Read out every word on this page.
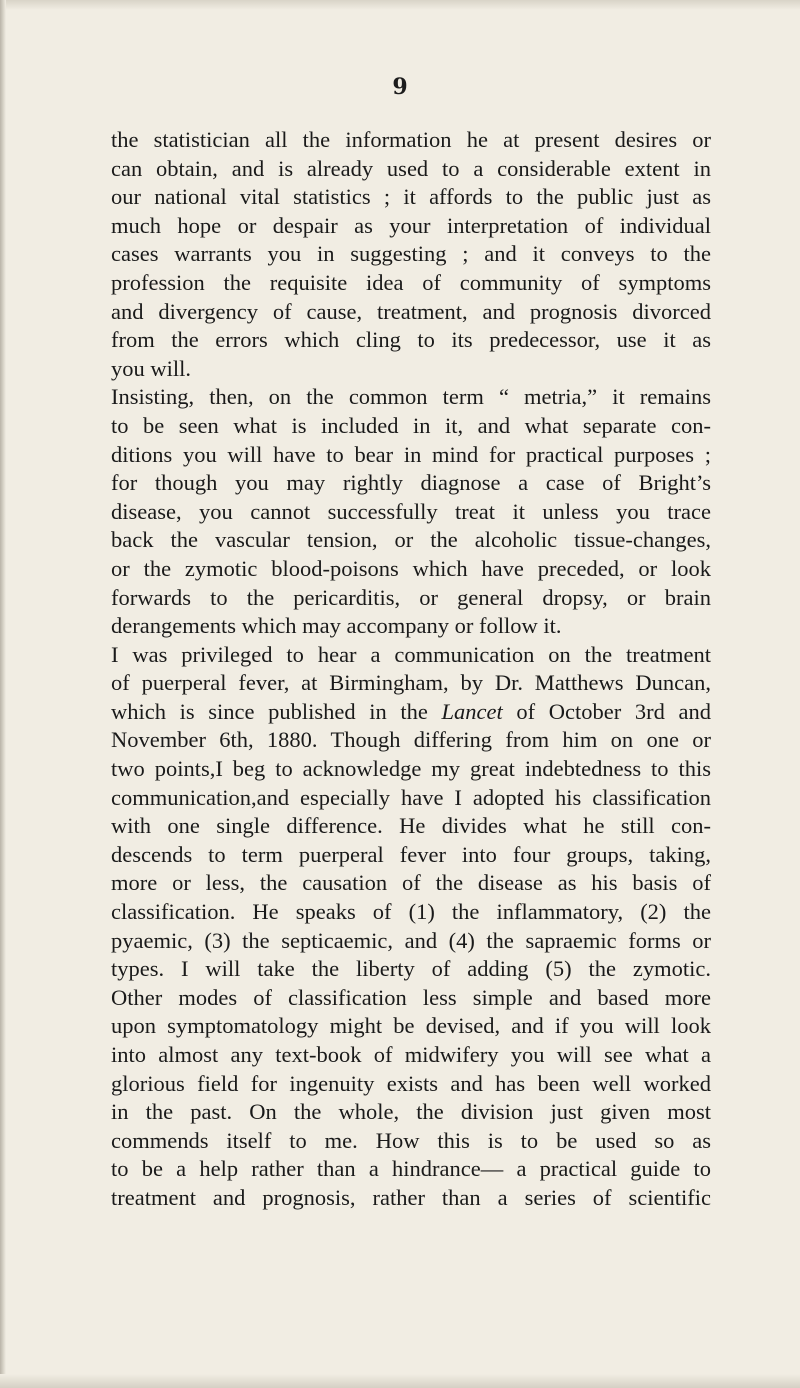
9

the statistician all the information he at present desires or
can obtain, and is already used to a considerable extent in
our national vital statistics ; it affords to the public just as
much hope or despair as your interpretation of individual
cases warrants you in suggesting ; and it conveys to the
profession the requisite idea of community of symptoms
and divergency of cause, treatment, and prognosis divorced
from the errors which cling to its predecessor, use it as
you will.
Insisting, then, on the common term “ metria,” it remains
to be seen what is included in it, and what separate con-
ditions you will have to bear in mind for practical purposes ;
for though you may rightly diagnose a case of Bright’s
disease, you cannot successfully treat it unless you trace
back the vascular tension, or the alcoholic tissue-changes,
or the zymotic blood-poisons which have preceded, or look
forwards to the pericarditis, or general dropsy, or brain
derangements which may accompany or follow it.
I was privileged to hear a communication on the treatment
of puerperal fever, at Birmingham, by Dr. Matthews Duncan,
which is since published in the Lancet of October 3rd and
November 6th, 1880. Though differing from him on one or
two points,I beg to acknowledge my great indebtedness to this
communication,and especially have I adopted his classification
with one single difference. He divides what he still con-
descends to term puerperal fever into four groups, taking,
more or less, the causation of the disease as his basis of
classification. He speaks of (1) the inflammatory, (2) the
pyaemic, (3) the septicaemic, and (4) the sapraemic forms or
types. I will take the liberty of adding (5) the zymotic.
Other modes of classification less simple and based more
upon symptomatology might be devised, and if you will look
into almost any text-book of midwifery you will see what a
glorious field for ingenuity exists and has been well worked
in the past. On the whole, the division just given most
commends itself to me. How this is to be used so as
to be a help rather than a hindrance— a practical guide to
treatment and prognosis, rather than a series of scientific
